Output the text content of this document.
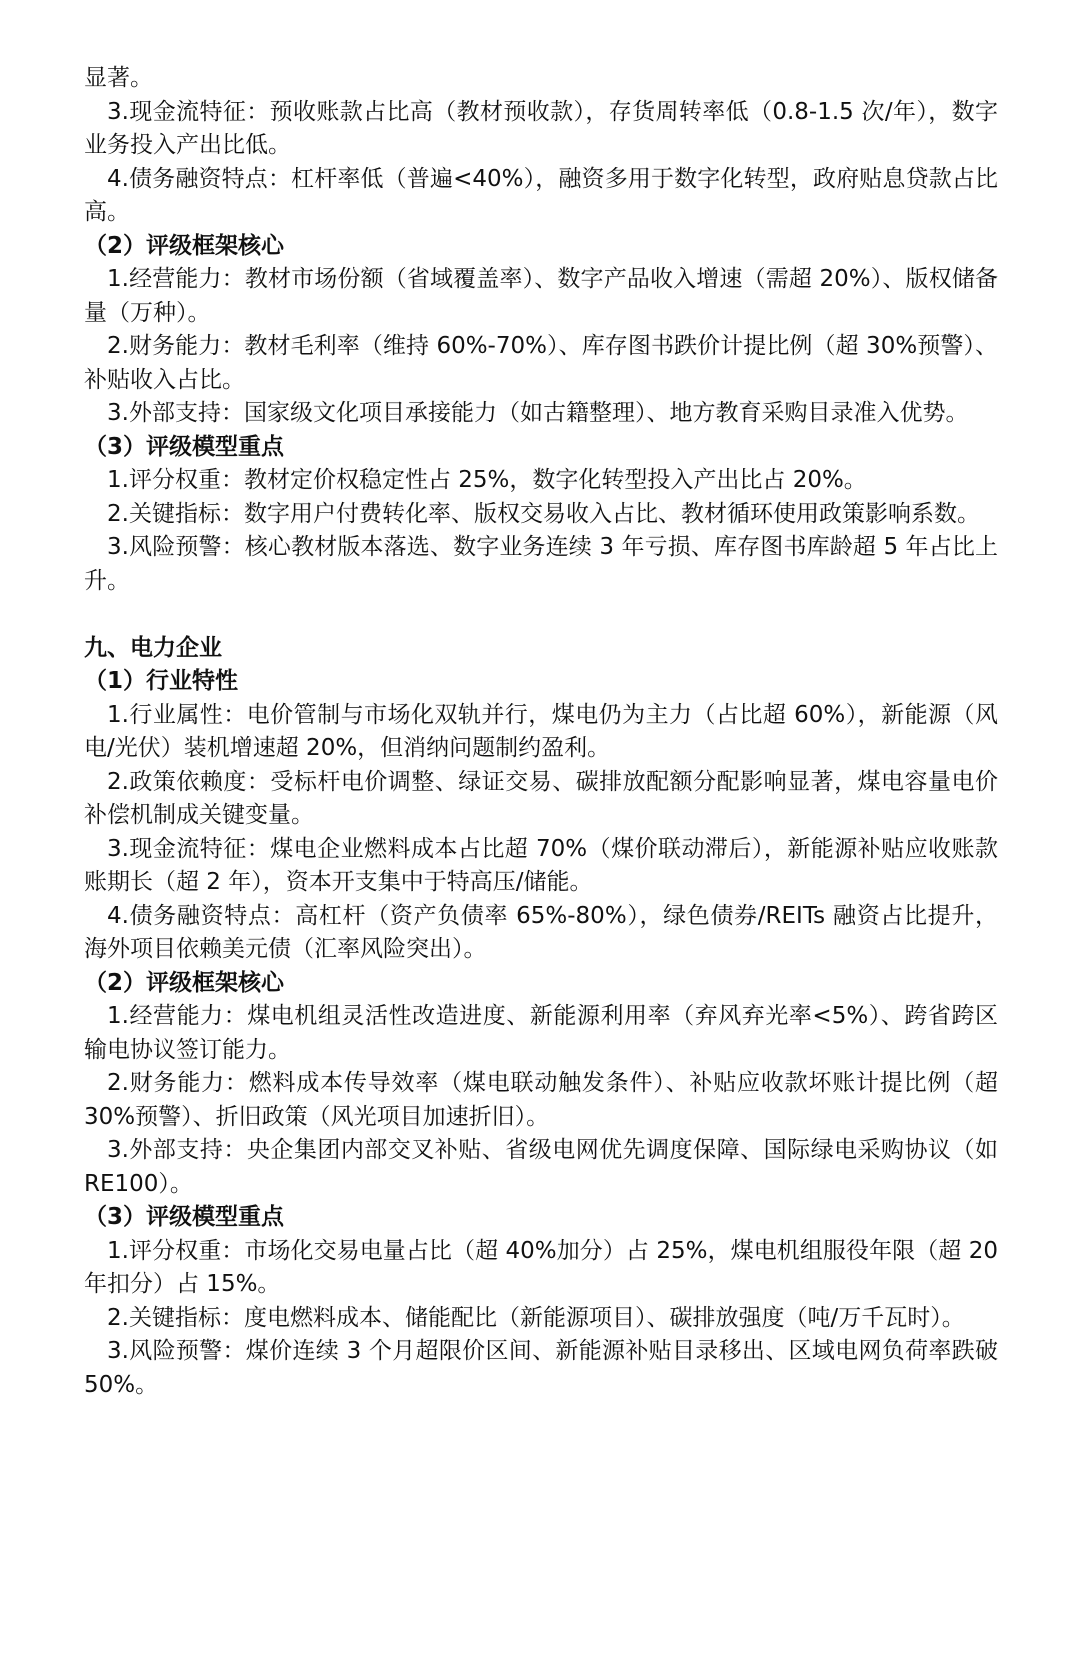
显著。

3.现金流特征：预收账款占比高（教材预收款），存货周转率低（0.8-1.5 次/年），数字业务投入产出比低。

4.债务融资特点：杠杆率低（普遍<40%），融资多用于数字化转型，政府贴息贷款占比高。

（2）评级框架核心

1.经营能力：教材市场份额（省域覆盖率）、数字产品收入增速（需超 20%）、版权储备量（万种）。

2.财务能力：教材毛利率（维持 60%-70%）、库存图书跌价计提比例（超 30%预警）、补贴收入占比。

3.外部支持：国家级文化项目承接能力（如古籍整理）、地方教育采购目录准入优势。

（3）评级模型重点

1.评分权重：教材定价权稳定性占 25%，数字化转型投入产出比占 20%。

2.关键指标：数字用户付费转化率、版权交易收入占比、教材循环使用政策影响系数。

3.风险预警：核心教材版本落选、数字业务连续 3 年亏损、库存图书库龄超 5 年占比上升。

九、电力企业

（1）行业特性

1.行业属性：电价管制与市场化双轨并行，煤电仍为主力（占比超 60%），新能源（风电/光伏）装机增速超 20%，但消纳问题制约盈利。

2.政策依赖度：受标杆电价调整、绿证交易、碳排放配额分配影响显著，煤电容量电价补偿机制成关键变量。

3.现金流特征：煤电企业燃料成本占比超 70%（煤价联动滞后），新能源补贴应收账款账期长（超 2 年），资本开支集中于特高压/储能。

4.债务融资特点：高杠杆（资产负债率 65%-80%），绿色债券/REITs 融资占比提升，海外项目依赖美元债（汇率风险突出）。

（2）评级框架核心

1.经营能力：煤电机组灵活性改造进度、新能源利用率（弃风弃光率<5%）、跨省跨区输电协议签订能力。

2.财务能力：燃料成本传导效率（煤电联动触发条件）、补贴应收款坏账计提比例（超 30%预警）、折旧政策（风光项目加速折旧）。

3.外部支持：央企集团内部交叉补贴、省级电网优先调度保障、国际绿电采购协议（如 RE100）。

（3）评级模型重点

1.评分权重：市场化交易电量占比（超 40%加分）占 25%，煤电机组服役年限（超 20 年扣分）占 15%。

2.关键指标：度电燃料成本、储能配比（新能源项目）、碳排放强度（吨/万千瓦时）。

3.风险预警：煤价连续 3 个月超限价区间、新能源补贴目录移出、区域电网负荷率跌破 50%。
